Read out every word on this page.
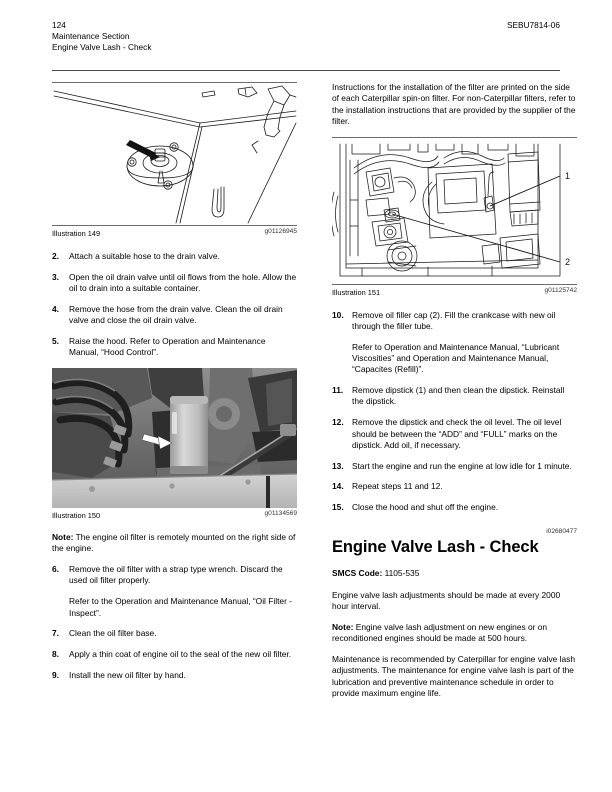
124
Maintenance Section
Engine Valve Lash - Check
SEBU7814-06
Illustration 149	g01126945
2. Attach a suitable hose to the drain valve.
3. Open the oil drain valve until oil flows from the hole. Allow the oil to drain into a suitable container.
4. Remove the hose from the drain valve. Clean the oil drain valve and close the oil drain valve.
5. Raise the hood. Refer to Operation and Maintenance Manual, “Hood Control”.
Illustration 150	g01134569
Note: The engine oil filter is remotely mounted on the right side of the engine.
6. Remove the oil filter with a strap type wrench. Discard the used oil filter properly.
Refer to the Operation and Maintenance Manual, “Oil Filter - Inspect”.
7. Clean the oil filter base.
8. Apply a thin coat of engine oil to the seal of the new oil filter.
9. Install the new oil filter by hand.
Instructions for the installation of the filter are printed on the side of each Caterpillar spin-on filter. For non-Caterpillar filters, refer to the installation instructions that are provided by the supplier of the filter.
1
2
Illustration 151	g01125742
10. Remove oil filler cap (2). Fill the crankcase with new oil through the filler tube.
Refer to Operation and Maintenance Manual, “Lubricant Viscosities” and Operation and Maintenance Manual, “Capacites (Refill)”.
11. Remove dipstick (1) and then clean the dipstick. Reinstall the dipstick.
12. Remove the dipstick and check the oil level. The oil level should be between the “ADD” and “FULL” marks on the dipstick. Add oil, if necessary.
13. Start the engine and run the engine at low idle for 1 minute.
14. Repeat steps 11 and 12.
15. Close the hood and shut off the engine.
i02680477
Engine Valve Lash - Check
SMCS Code: 1105-535
Engine valve lash adjustments should be made at every 2000 hour interval.
Note: Engine valve lash adjustment on new engines or on reconditioned engines should be made at 500 hours.
Maintenance is recommended by Caterpillar for engine valve lash adjustments. The maintenance for engine valve lash is part of the lubrication and preventive maintenance schedule in order to provide maximum engine life.
